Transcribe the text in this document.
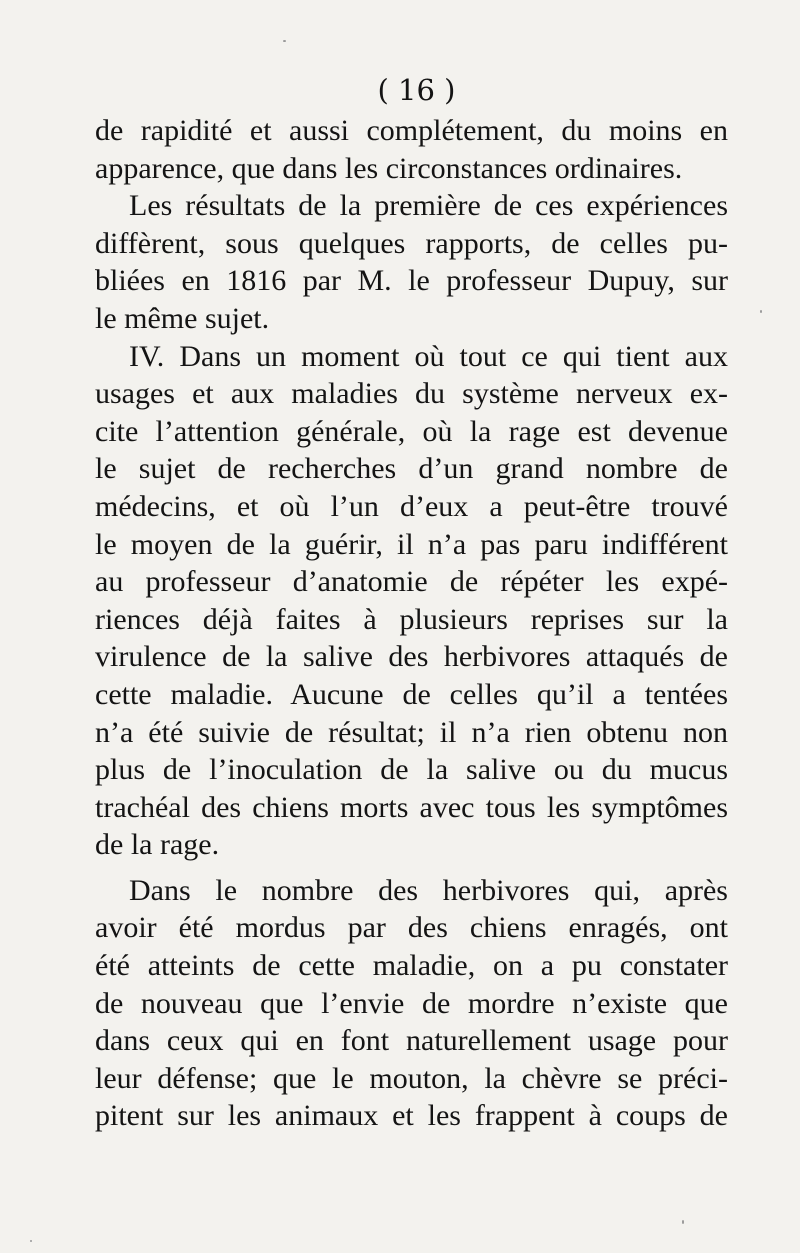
( 16 )
de rapidité et aussi complétement, du moins en
apparence, que dans les circonstances ordinaires.
Les résultats de la première de ces expériences
diffèrent, sous quelques rapports, de celles pu-
bliées en 1816 par M. le professeur Dupuy, sur
le même sujet.
IV. Dans un moment où tout ce qui tient aux
usages et aux maladies du système nerveux ex-
cite l’attention générale, où la rage est devenue
le sujet de recherches d’un grand nombre de
médecins, et où l’un d’eux a peut-être trouvé
le moyen de la guérir, il n’a pas paru indifférent
au professeur d’anatomie de répéter les expé-
riences déjà faites à plusieurs reprises sur la
virulence de la salive des herbivores attaqués de
cette maladie. Aucune de celles qu’il a tentées
n’a été suivie de résultat; il n’a rien obtenu non
plus de l’inoculation de la salive ou du mucus
trachéal des chiens morts avec tous les symptômes
de la rage.
Dans le nombre des herbivores qui, après
avoir été mordus par des chiens enragés, ont
été atteints de cette maladie, on a pu constater
de nouveau que l’envie de mordre n’existe que
dans ceux qui en font naturellement usage pour
leur défense; que le mouton, la chèvre se préci-
pitent sur les animaux et les frappent à coups de
